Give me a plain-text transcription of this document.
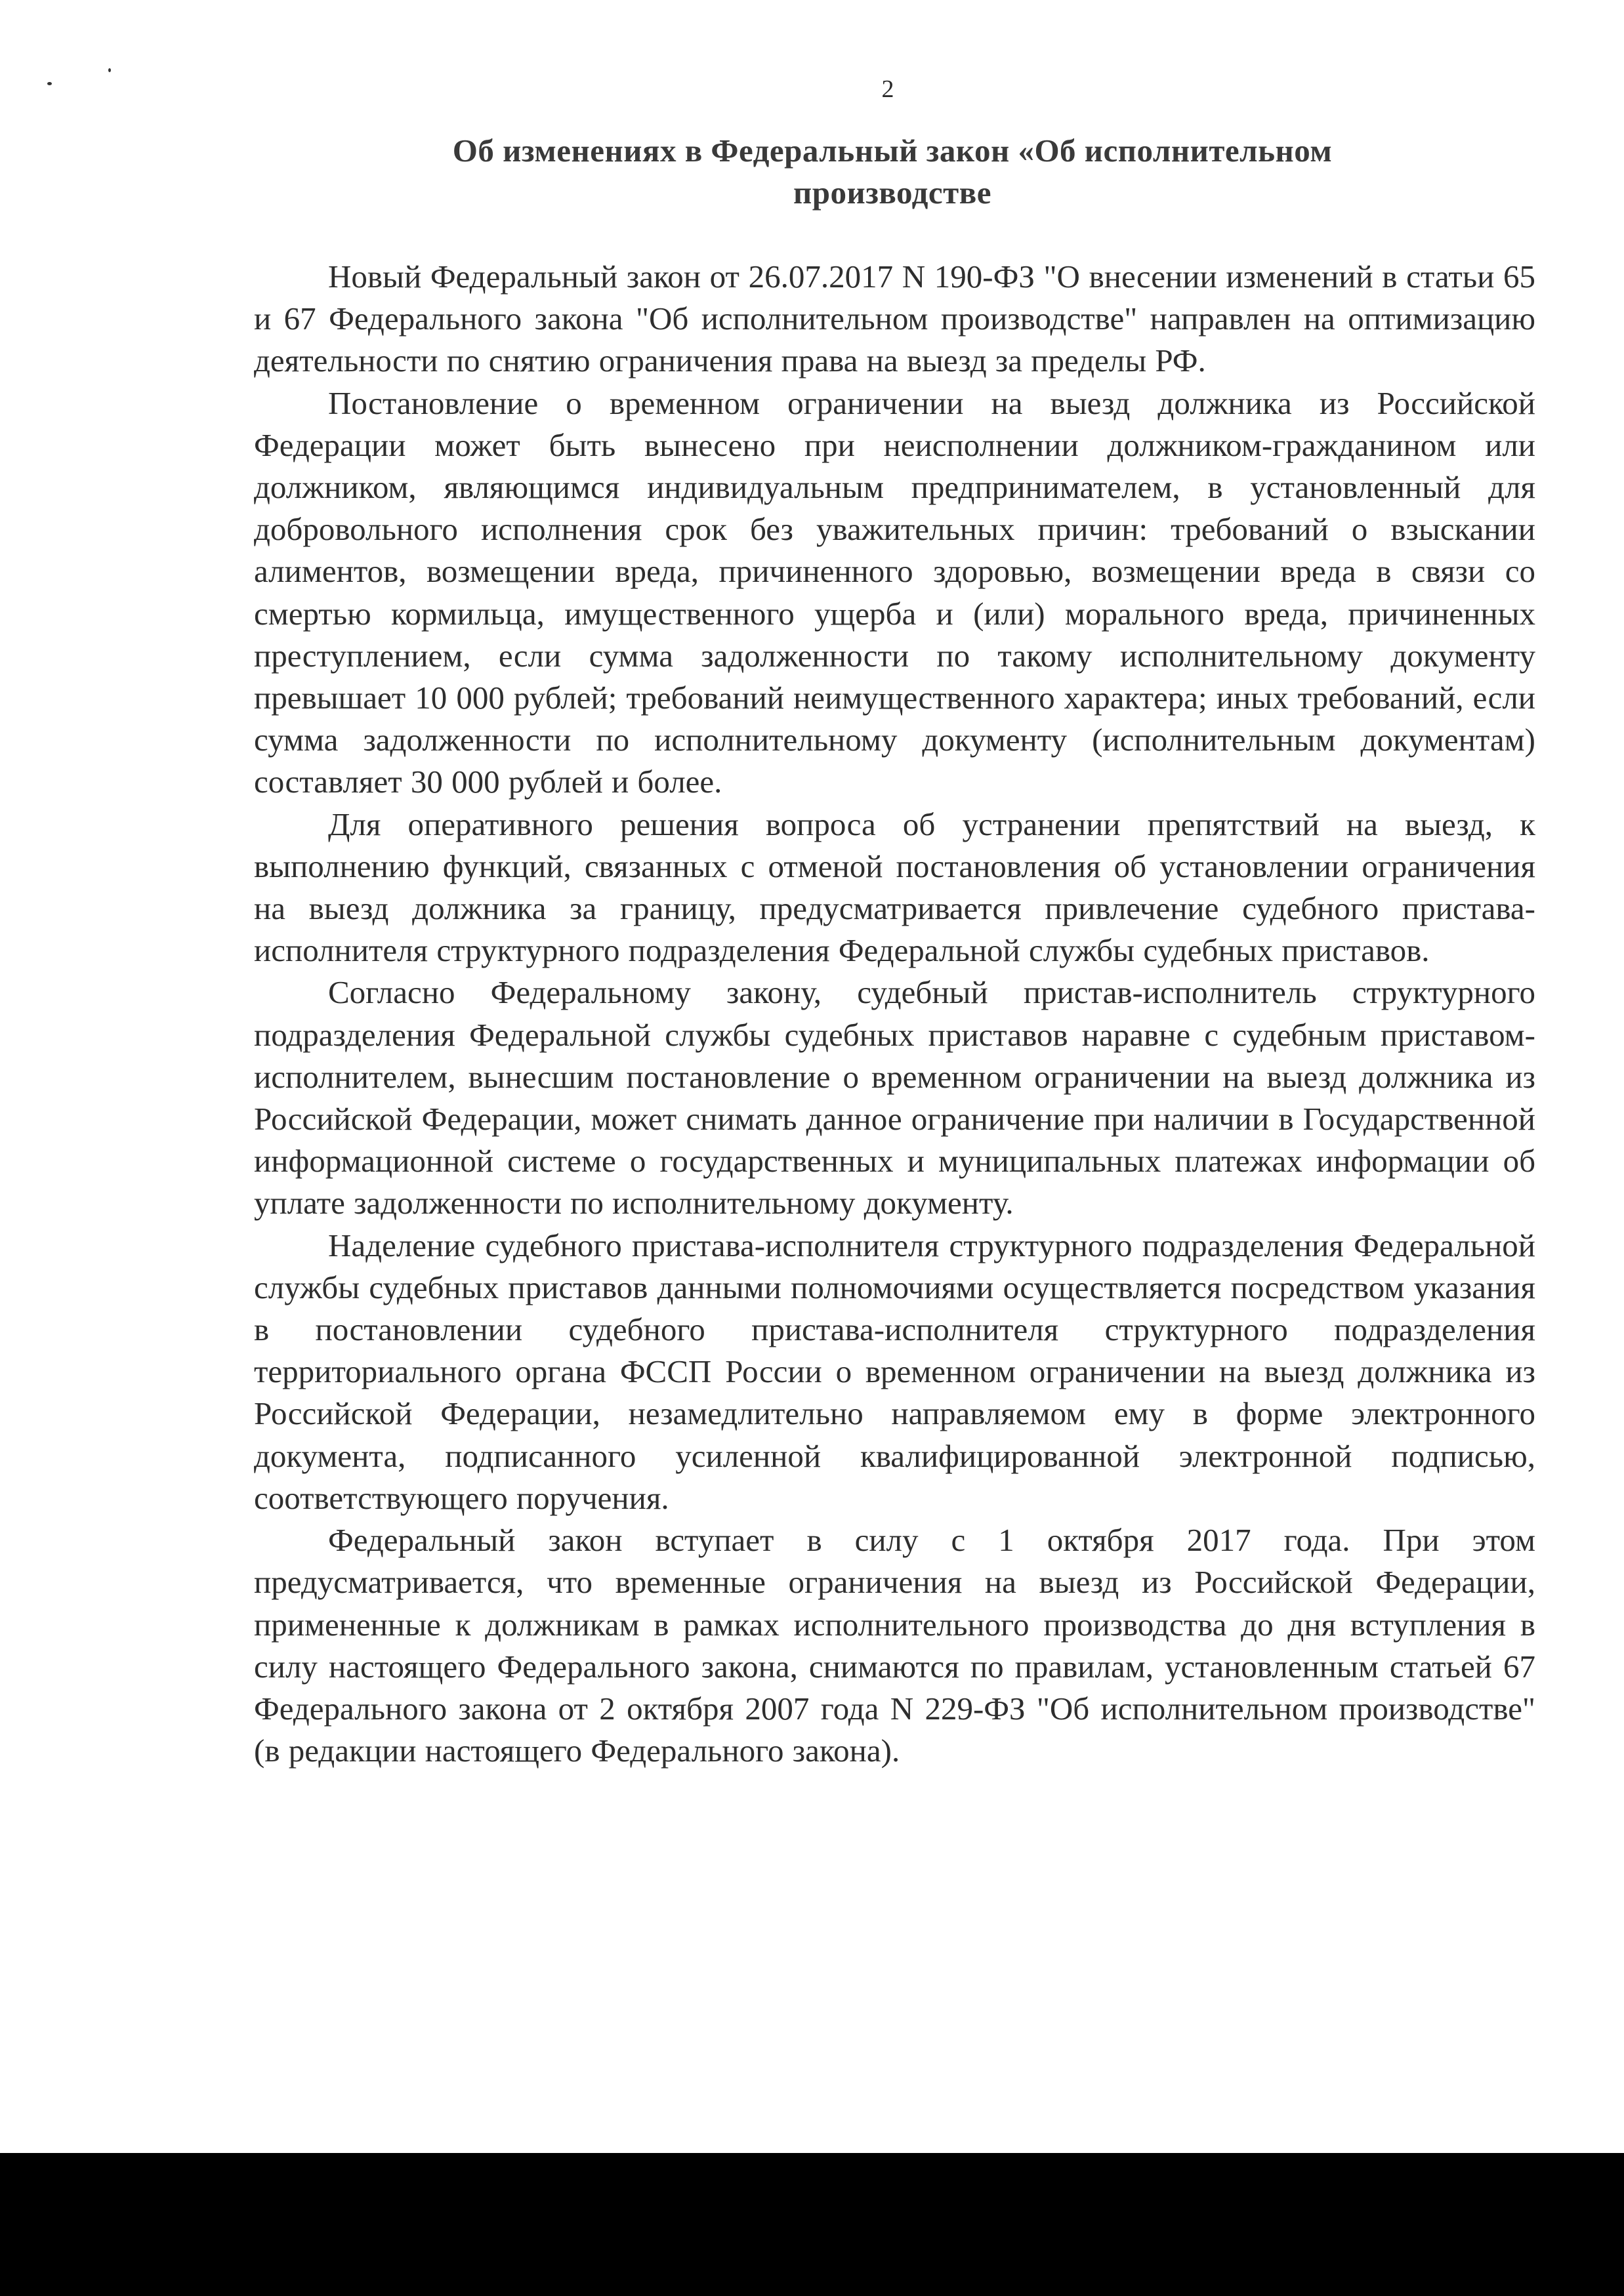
2
Об изменениях в Федеральный закон «Об исполнительном производстве

Новый Федеральный закон от 26.07.2017 N 190-ФЗ "О внесении изменений в статьи 65 и 67 Федерального закона "Об исполнительном производстве" направлен на оптимизацию деятельности по снятию ограничения права на выезд за пределы РФ.

Постановление о временном ограничении на выезд должника из Российской Федерации может быть вынесено при неисполнении должником-гражданином или должником, являющимся индивидуальным предпринимателем, в установленный для добровольного исполнения срок без уважительных причин: требований о взыскании алиментов, возмещении вреда, причиненного здоровью, возмещении вреда в связи со смертью кормильца, имущественного ущерба и (или) морального вреда, причиненных преступлением, если сумма задолженности по такому исполнительному документу превышает 10 000 рублей; требований неимущественного характера; иных требований, если сумма задолженности по исполнительному документу (исполнительным документам) составляет 30 000 рублей и более.

Для оперативного решения вопроса об устранении препятствий на выезд, к выполнению функций, связанных с отменой постановления об установлении ограничения на выезд должника за границу, предусматривается привлечение судебного пристава-исполнителя структурного подразделения Федеральной службы судебных приставов.

Согласно Федеральному закону, судебный пристав-исполнитель структурного подразделения Федеральной службы судебных приставов наравне с судебным приставом-исполнителем, вынесшим постановление о временном ограничении на выезд должника из Российской Федерации, может снимать данное ограничение при наличии в Государственной информационной системе о государственных и муниципальных платежах информации об уплате задолженности по исполнительному документу.

Наделение судебного пристава-исполнителя структурного подразделения Федеральной службы судебных приставов данными полномочиями осуществляется посредством указания в постановлении судебного пристава-исполнителя структурного подразделения территориального органа ФССП России о временном ограничении на выезд должника из Российской Федерации, незамедлительно направляемом ему в форме электронного документа, подписанного усиленной квалифицированной электронной подписью, соответствующего поручения.

Федеральный закон вступает в силу с 1 октября 2017 года. При этом предусматривается, что временные ограничения на выезд из Российской Федерации, примененные к должникам в рамках исполнительного производства до дня вступления в силу настоящего Федерального закона, снимаются по правилам, установленным статьей 67 Федерального закона от 2 октября 2007 года N 229-ФЗ "Об исполнительном производстве" (в редакции настоящего Федерального закона).
